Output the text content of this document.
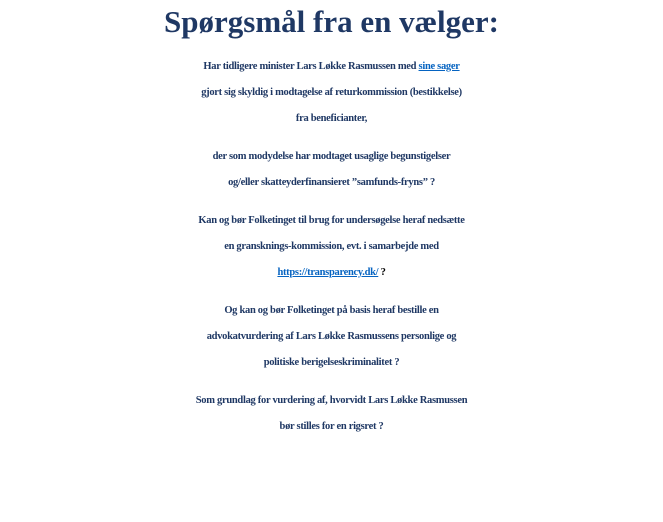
Spørgsmål fra en vælger:
Har tidligere minister Lars Løkke Rasmussen med sine sager
gjort sig skyldig i modtagelse af returkommission (bestikkelse)
fra beneficianter,
der som modydelse har modtaget usaglige begunstigelser
og/eller skatteyderfinansieret ”samfunds-fryns” ?
Kan og bør Folketinget til brug for undersøgelse heraf nedsætte
en gransknings-kommission, evt. i samarbejde med
https://transparency.dk/ ?
Og kan og bør Folketinget på basis heraf bestille en
advokatvurdering af Lars Løkke Rasmussens personlige og
politiske berigelseskriminalitet ?
Som grundlag for vurdering af, hvorvidt Lars Løkke Rasmussen
bør stilles for en rigsret ?
